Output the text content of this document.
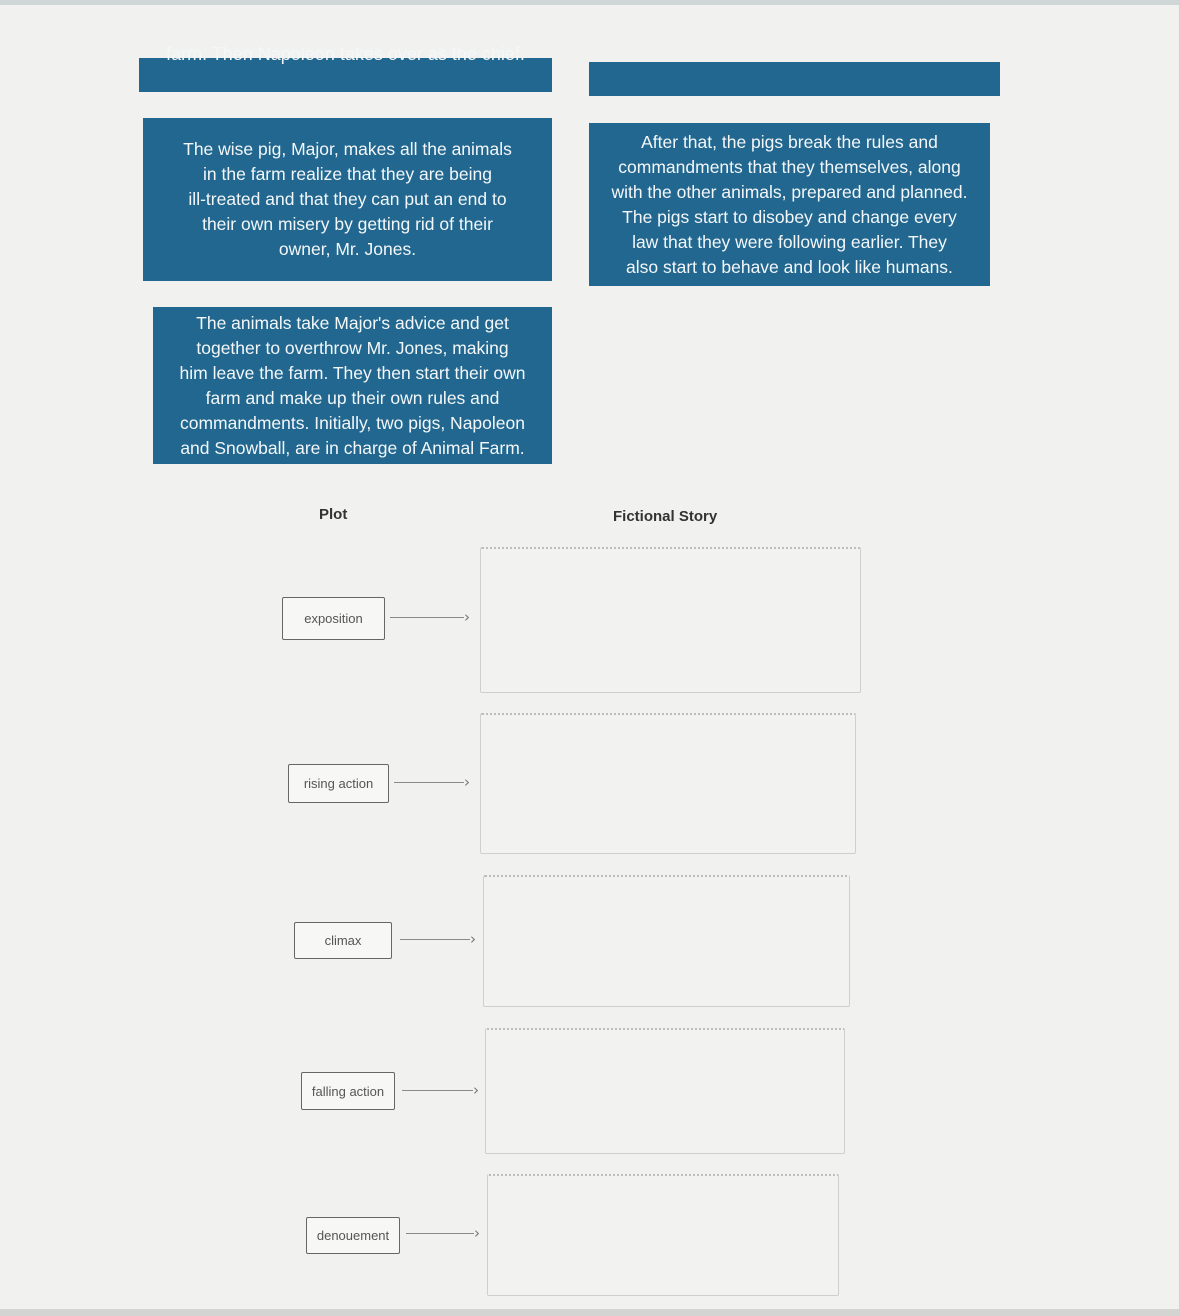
farm. Then Napoleon takes over as the chief.
The wise pig, Major, makes all the animals
in the farm realize that they are being
ill-treated and that they can put an end to
their own misery by getting rid of their
owner, Mr. Jones.
After that, the pigs break the rules and
commandments that they themselves, along
with the other animals, prepared and planned.
The pigs start to disobey and change every
law that they were following earlier. They
also start to behave and look like humans.
The animals take Major's advice and get
together to overthrow Mr. Jones, making
him leave the farm. They then start their own
farm and make up their own rules and
commandments. Initially, two pigs, Napoleon
and Snowball, are in charge of Animal Farm.
Plot	Fictional Story
exposition	›
rising action	›
climax	›
falling action	›
denouement	›
